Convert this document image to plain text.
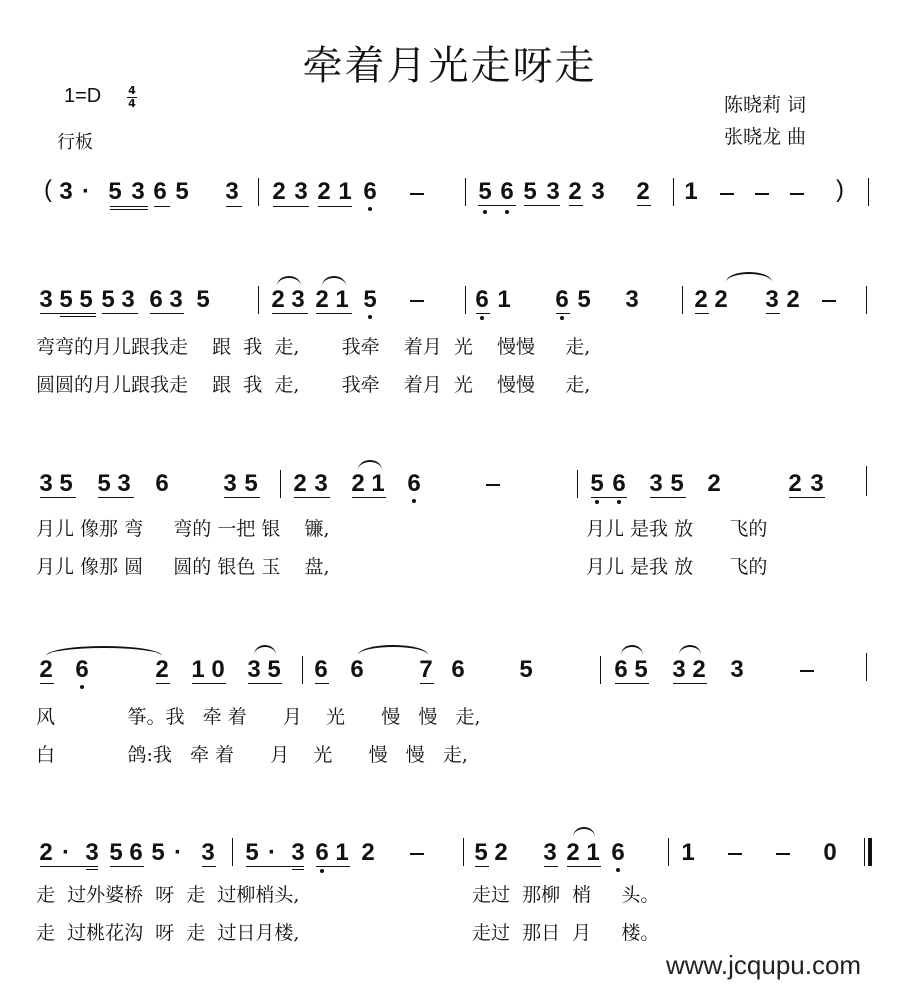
牵着月光走呀走
1=D 4
4
行板
陈晓莉 词
张晓龙 曲
( 3 · 5 3 6 5 3 2 3 2 1 6	5 6 5 3 2 3 2 1	)
3 5 5 5 3 6 3 5	2 3 2 1 5	6 1 6 5 3 2 2 3 2
弯弯的月儿跟我走    跟  我  走,       我牵    着月  光    慢慢     走,
圆圆的月儿跟我走    跟  我  走,       我牵    着月  光    慢慢     走,
3 5 5 3 6 3 5 2 3 2 1 6	5 6 3 5 2	2 3
月儿 像那 弯     弯的 一把 银    镰,
月儿 像那 圆     圆的 银色 玉    盘,
月儿 是我 放      飞的
月儿 是我 放      飞的
2 6	2 1 0 3 5 6 6 7 6 5	6 5 3 2 3
风            筝。我   牵 着      月    光      慢   慢   走,
白            鸽:我   牵 着      月    光      慢   慢   走,
2 · 3 5 6 5 · 3 5 · 3 6 1 2	5 2 3 2 1 6 1	0
走  过外婆桥  呀  走  过柳梢头,
走  过桃花沟  呀  走  过日月楼,
走过  那柳  梢     头。
走过  那日  月     楼。
www.jcqupu.com
